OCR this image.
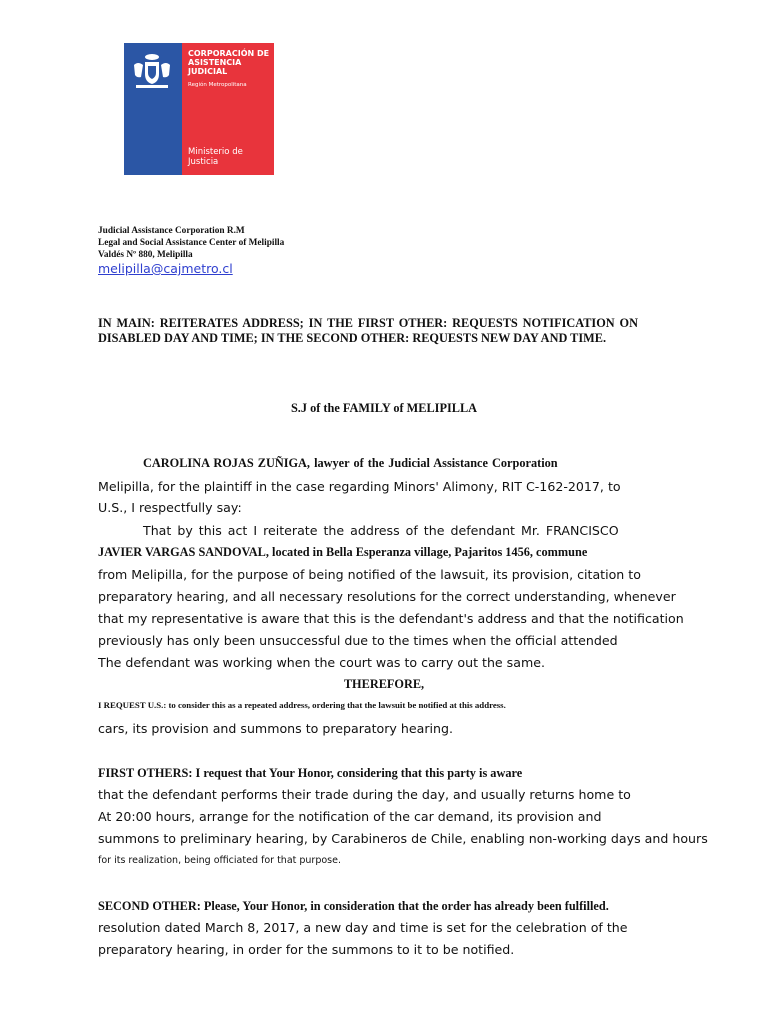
CORPORACIÓN DE
ASISTENCIA
JUDICIAL
Región Metropolitana
Ministerio de
Justicia

Judicial Assistance Corporation R.M

Legal and Social Assistance Center of Melipilla

Valdés Nº 880, Melipilla

melipilla@cajmetro.cl

IN MAIN: REITERATES ADDRESS; IN THE FIRST OTHER: REQUESTS NOTIFICATION ON DISABLED DAY AND TIME; IN THE SECOND OTHER: REQUESTS NEW DAY AND TIME.

S.J of the FAMILY of MELIPILLA

CAROLINA ROJAS ZUÑIGA, lawyer of the Judicial Assistance Corporation

Melipilla, for the plaintiff in the case regarding Minors' Alimony, RIT C-162-2017, to

U.S., I respectfully say:

That by this act I reiterate the address of the defendant Mr. FRANCISCO

JAVIER VARGAS SANDOVAL, located in Bella Esperanza village, Pajaritos 1456, commune

from Melipilla, for the purpose of being notified of the lawsuit, its provision, citation to

preparatory hearing, and all necessary resolutions for the correct understanding, whenever

that my representative is aware that this is the defendant's address and that the notification

previously has only been unsuccessful due to the times when the official attended

The defendant was working when the court was to carry out the same.

THEREFORE,

I REQUEST U.S.: to consider this as a repeated address, ordering that the lawsuit be notified at this address.

cars, its provision and summons to preparatory hearing.

FIRST OTHERS: I request that Your Honor, considering that this party is aware

that the defendant performs their trade during the day, and usually returns home to

At 20:00 hours, arrange for the notification of the car demand, its provision and

summons to preliminary hearing, by Carabineros de Chile, enabling non-working days and hours

for its realization, being officiated for that purpose.

SECOND OTHER: Please, Your Honor, in consideration that the order has already been fulfilled.

resolution dated March 8, 2017, a new day and time is set for the celebration of the

preparatory hearing, in order for the summons to it to be notified.
